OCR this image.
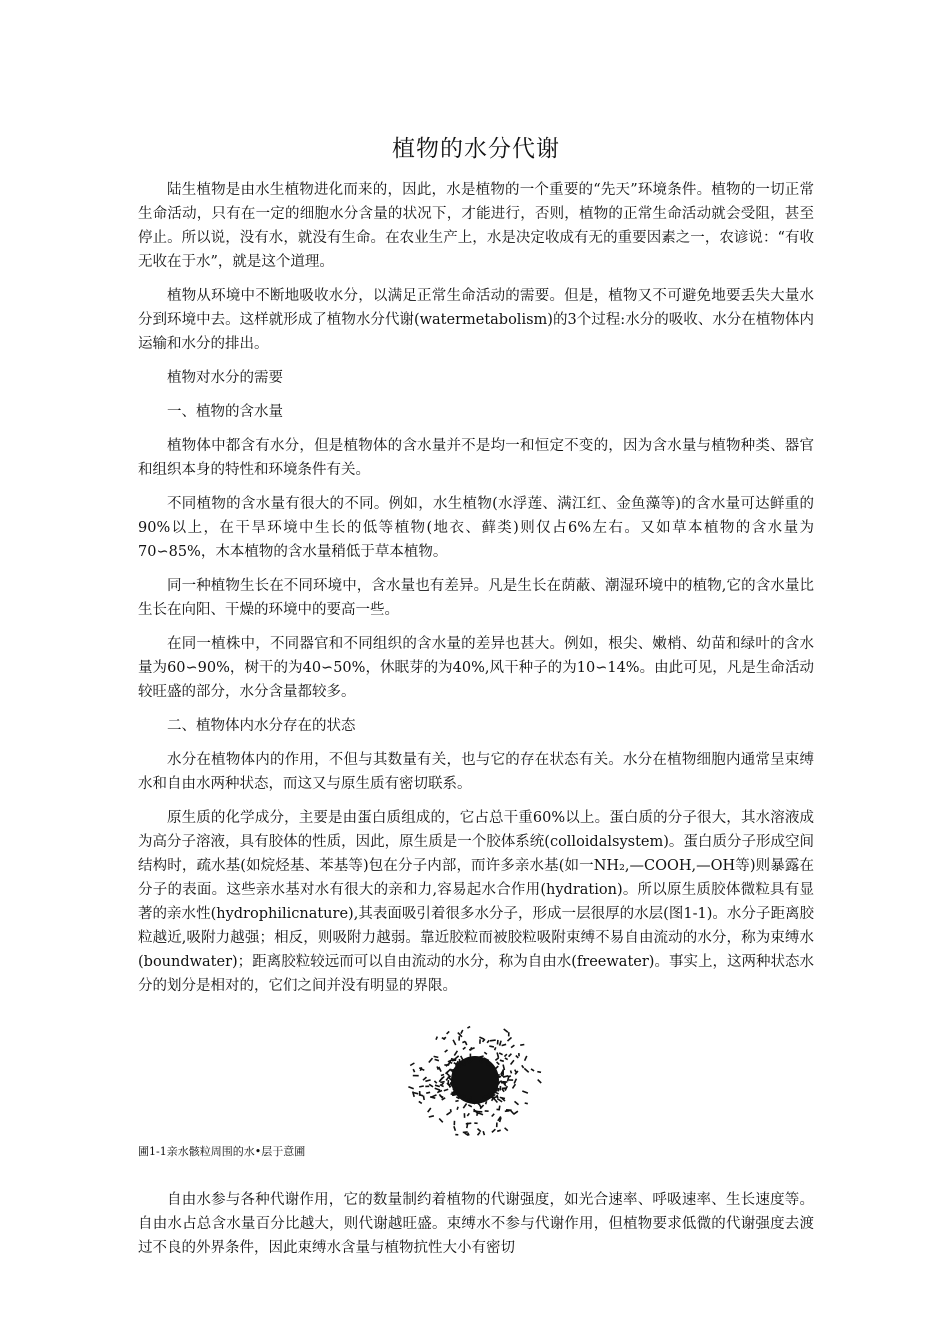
植物的水分代谢

陆生植物是由水生植物进化而来的，因此，水是植物的一个重要的“先天”环境条件。植物的一切正常生命活动，只有在一定的细胞水分含量的状况下，才能进行，否则，植物的正常生命活动就会受阻，甚至停止。所以说，没有水，就没有生命。在农业生产上，水是决定收成有无的重要因素之一，农谚说：“有收无收在于水”，就是这个道理。

植物从环境中不断地吸收水分，以满足正常生命活动的需要。但是，植物又不可避免地要丢失大量水分到环境中去。这样就形成了植物水分代谢(watermetabolism)的3个过程:水分的吸收、水分在植物体内运输和水分的排出。

植物对水分的需要

一、植物的含水量

植物体中都含有水分，但是植物体的含水量并不是均一和恒定不变的，因为含水量与植物种类、器官和组织本身的特性和环境条件有关。

不同植物的含水量有很大的不同。例如，水生植物(水浮莲、满江红、金鱼藻等)的含水量可达鲜重的90%以上，在干旱环境中生长的低等植物(地衣、藓类)则仅占6%左右。又如草本植物的含水量为70∽85%，木本植物的含水量稍低于草本植物。

同一种植物生长在不同环境中，含水量也有差异。凡是生长在荫蔽、潮湿环境中的植物,它的含水量比生长在向阳、干燥的环境中的要高一些。

在同一植株中，不同器官和不同组织的含水量的差异也甚大。例如，根尖、嫩梢、幼苗和绿叶的含水量为60∽90%，树干的为40∽50%，休眠芽的为40%,风干种子的为10∽14%。由此可见，凡是生命活动较旺盛的部分，水分含量都较多。

二、植物体内水分存在的状态

水分在植物体内的作用，不但与其数量有关，也与它的存在状态有关。水分在植物细胞内通常呈束缚水和自由水两种状态，而这又与原生质有密切联系。

原生质的化学成分，主要是由蛋白质组成的，它占总干重60%以上。蛋白质的分子很大，其水溶液成为高分子溶液，具有胶体的性质，因此，原生质是一个胶体系统(colloidalsystem)。蛋白质分子形成空间结构时，疏水基(如烷烃基、苯基等)包在分子内部，而许多亲水基(如一NH₂,—COOH,—OH等)则暴露在分子的表面。这些亲水基对水有很大的亲和力,容易起水合作用(hydration)。所以原生质胶体微粒具有显著的亲水性(hydrophilicnature),其表面吸引着很多水分子，形成一层很厚的水层(图1-1)。水分子距离胶粒越近,吸附力越强；相反，则吸附力越弱。靠近胶粒而被胶粒吸附束缚不易自由流动的水分，称为束缚水(boundwater)；距离胶粒较远而可以自由流动的水分，称为自由水(freewater)。事实上，这两种状态水分的划分是相对的，它们之间并没有明显的界限。

圃1-1亲水骸粒周围的水•层于意圃

自由水参与各种代谢作用，它的数量制约着植物的代谢强度，如光合速率、呼吸速率、生长速度等。自由水占总含水量百分比越大，则代谢越旺盛。束缚水不参与代谢作用，但植物要求低微的代谢强度去渡过不良的外界条件，因此束缚水含量与植物抗性大小有密切
